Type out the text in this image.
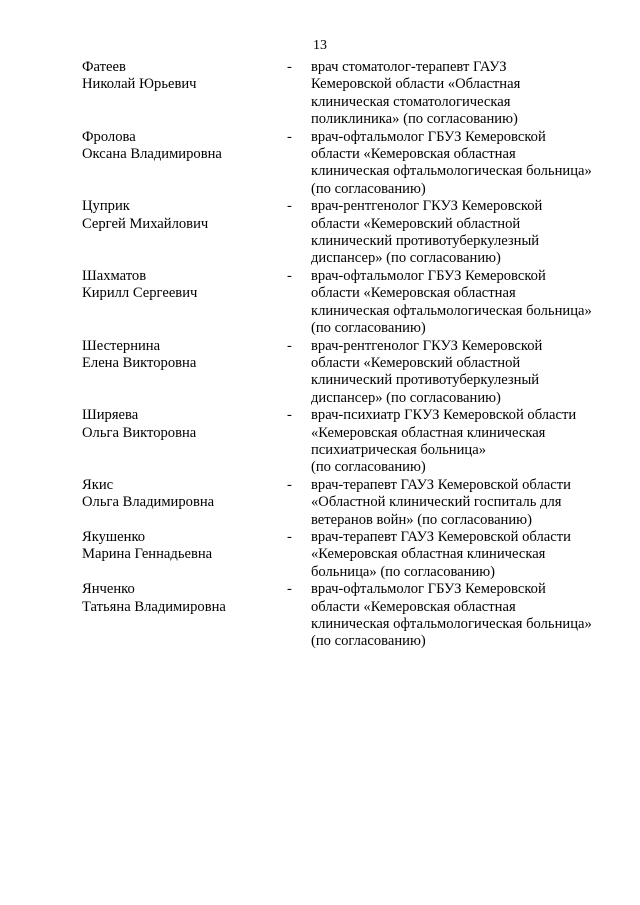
13
Фатеев
Николай Юрьевич
-	врач стоматолог-терапевт ГАУЗ
Кемеровской области «Областная
клиническая стоматологическая
поликлиника» (по согласованию)
Фролова
Оксана Владимировна
-	врач-офтальмолог ГБУЗ Кемеровской
области «Кемеровская областная
клиническая офтальмологическая больница»
(по согласованию)
Цуприк
Сергей Михайлович
-	врач-рентгенолог ГКУЗ Кемеровской
области «Кемеровский областной
клинический противотуберкулезный
диспансер» (по согласованию)
Шахматов
Кирилл Сергеевич
-	врач-офтальмолог ГБУЗ Кемеровской
области «Кемеровская областная
клиническая офтальмологическая больница»
(по согласованию)
Шестернина
Елена Викторовна
-	врач-рентгенолог ГКУЗ Кемеровской
области «Кемеровский областной
клинический противотуберкулезный
диспансер» (по согласованию)
Ширяева
Ольга Викторовна
-	врач-психиатр ГКУЗ Кемеровской области
«Кемеровская областная клиническая
психиатрическая больница»
(по согласованию)
Якис
Ольга Владимировна
-	врач-терапевт ГАУЗ Кемеровской области
«Областной клинический госпиталь для
ветеранов войн» (по согласованию)
Якушенко
Марина Геннадьевна
-	врач-терапевт ГАУЗ Кемеровской области
«Кемеровская областная клиническая
больница» (по согласованию)
Янченко
Татьяна Владимировна
-	врач-офтальмолог ГБУЗ Кемеровской
области «Кемеровская областная
клиническая офтальмологическая больница»
(по согласованию)
